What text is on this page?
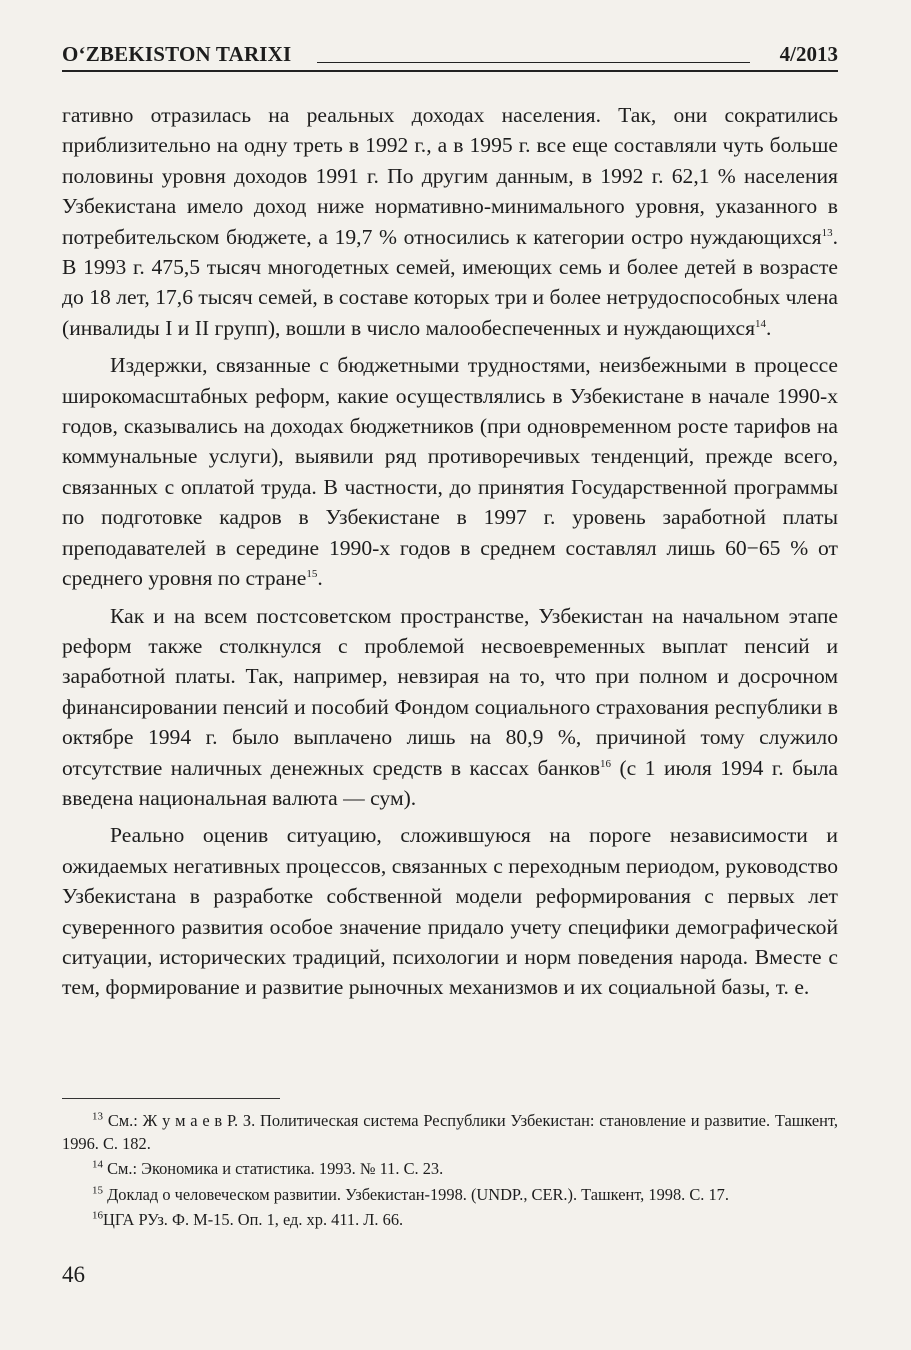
O‘ZBEKISTON TARIXI	4/2013

гативно отразилась на реальных доходах населения. Так, они сократились приблизительно на одну треть в 1992 г., а в 1995 г. все еще составляли чуть больше половины уровня доходов 1991 г. По другим данным, в 1992 г. 62,1 % населения Узбекистана имело доход ниже нормативно-минимального уровня, указанного в потребительском бюджете, а 19,7 % относились к категории остро нуждающихся$^{13}$. В 1993 г. 475,5 тысяч многодетных семей, имеющих семь и более детей в возрасте до 18 лет, 17,6 тысяч семей, в составе которых три и более нетрудоспособных члена (инвалиды I и II групп), вошли в число малообеспеченных и нуждающихся$^{14}$.

Издержки, связанные с бюджетными трудностями, неизбежными в процессе широкомасштабных реформ, какие осуществлялись в Узбекистане в начале 1990-х годов, сказывались на доходах бюджетников (при одновременном росте тарифов на коммунальные услуги), выявили ряд противоречивых тенденций, прежде всего, связанных с оплатой труда. В частности, до принятия Государственной программы по подготовке кадров в Узбекистане в 1997 г. уровень заработной платы преподавателей в середине 1990-х годов в среднем составлял лишь 60−65 % от среднего уровня по стране$^{15}$.

Как и на всем постсоветском пространстве, Узбекистан на начальном этапе реформ также столкнулся с проблемой несвоевременных выплат пенсий и заработной платы. Так, например, невзирая на то, что при полном и досрочном финансировании пенсий и пособий Фондом социального страхования республики в октябре 1994 г. было выплачено лишь на 80,9 %, причиной тому служило отсутствие наличных денежных средств в кассах банков$^{16}$ (с 1 июля 1994 г. была введена национальная валюта — сум).

Реально оценив ситуацию, сложившуюся на пороге независимости и ожидаемых негативных процессов, связанных с переходным периодом, руководство Узбекистана в разработке собственной модели реформирования с первых лет суверенного развития особое значение придало учету специфики демографической ситуации, исторических традиций, психологии и норм поведения народа. Вместе с тем, формирование и развитие рыночных механизмов и их социальной базы, т. е.

$^{13}$ См.: Ж у м а е в Р. З. Политическая система Республики Узбекистан: становление и развитие. Ташкент, 1996. С. 182.

$^{14}$ См.: Экономика и статистика. 1993. № 11. С. 23.

$^{15}$ Доклад о человеческом развитии. Узбекистан-1998. (UNDP., CER.). Ташкент, 1998. С. 17.

$^{16}$ЦГА РУз. Ф. М-15. Оп. 1, ед. хр. 411. Л. 66.

46
